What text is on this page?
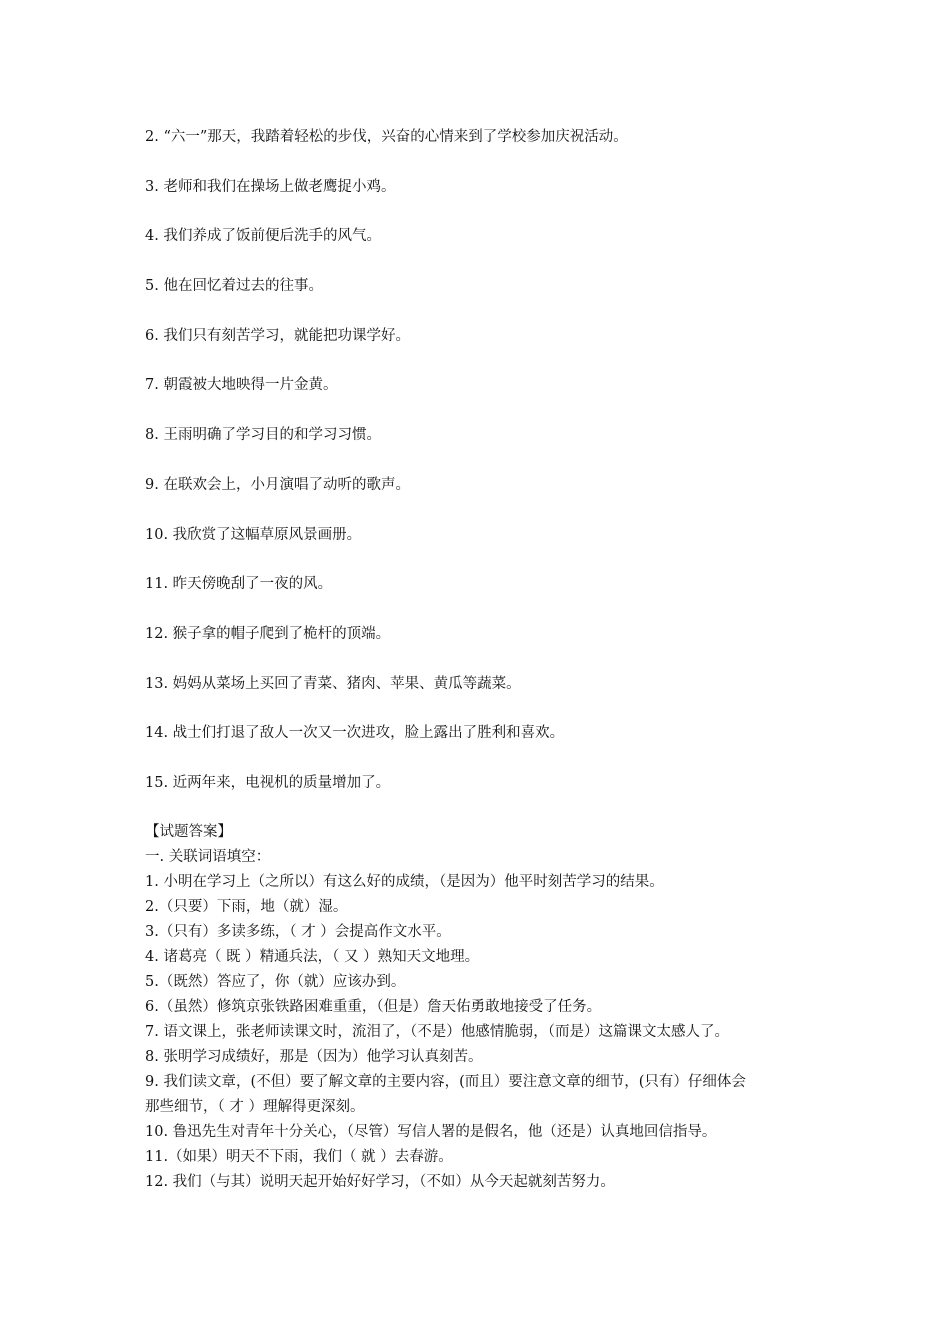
2. “六一”那天，我踏着轻松的步伐，兴奋的心情来到了学校参加庆祝活动。
3. 老师和我们在操场上做老鹰捉小鸡。
4. 我们养成了饭前便后洗手的风气。
5. 他在回忆着过去的往事。
6. 我们只有刻苦学习，就能把功课学好。
7. 朝霞被大地映得一片金黄。
8. 王雨明确了学习目的和学习习惯。
9. 在联欢会上，小月演唱了动听的歌声。
10. 我欣赏了这幅草原风景画册。
11. 昨天傍晚刮了一夜的风。
12. 猴子拿的帽子爬到了桅杆的顶端。
13. 妈妈从菜场上买回了青菜、猪肉、苹果、黄瓜等蔬菜。
14. 战士们打退了敌人一次又一次进攻，脸上露出了胜利和喜欢。
15. 近两年来，电视机的质量增加了。
【试题答案】
一. 关联词语填空：
1. 小明在学习上（之所以）有这么好的成绩，（是因为）他平时刻苦学习的结果。
2.（只要）下雨，地（就）湿。
3.（只有）多读多练，（ 才 ）会提高作文水平。
4. 诸葛亮（ 既 ）精通兵法，（ 又 ）熟知天文地理。
5.（既然）答应了，你（就）应该办到。
6.（虽然）修筑京张铁路困难重重，（但是）詹天佑勇敢地接受了任务。
7. 语文课上，张老师读课文时，流泪了，（不是）他感情脆弱，（而是）这篇课文太感人了。
8. 张明学习成绩好，那是（因为）他学习认真刻苦。
9. 我们读文章，(不但）要了解文章的主要内容，(而且）要注意文章的细节，(只有）仔细体会
那些细节，（ 才 ）理解得更深刻。
10. 鲁迅先生对青年十分关心，（尽管）写信人署的是假名，他（还是）认真地回信指导。
11.（如果）明天不下雨，我们（ 就 ）去春游。
12. 我们（与其）说明天起开始好好学习，（不如）从今天起就刻苦努力。
